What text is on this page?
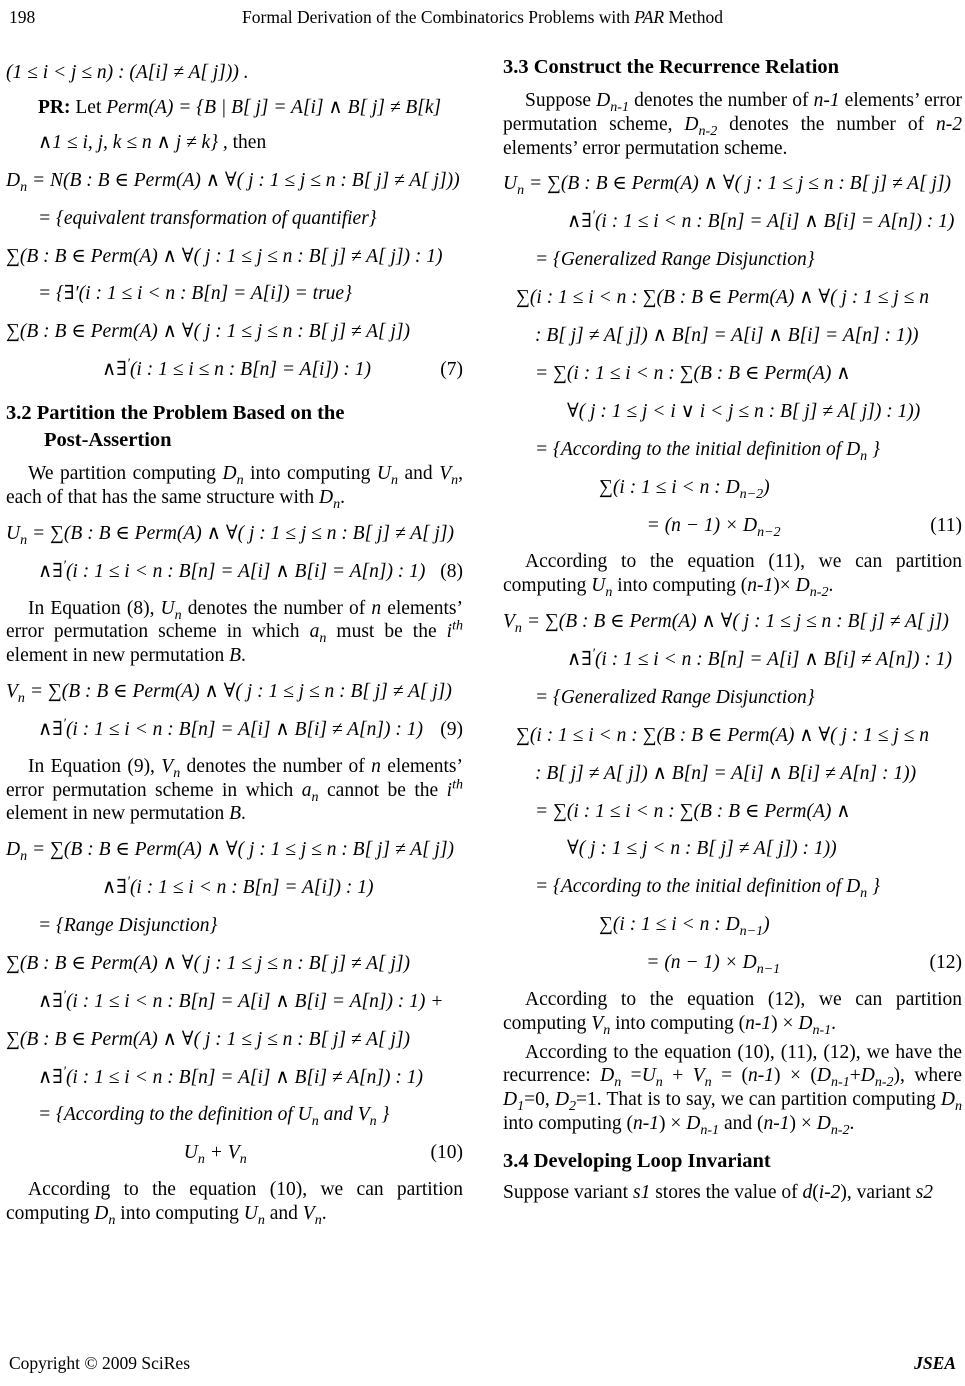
198	Formal Derivation of the Combinatorics Problems with PAR Method
(1 ≤ i < j ≤ n) : (A[i] ≠ A[ j])) .
PR: Let Perm(A) = {B | B[ j] = A[i] ∧ B[ j] ≠ B[k]
∧1 ≤ i, j, k ≤ n ∧ j ≠ k} , then
$D_n = N(B$ : B ∈ Perm(A) ∧ ∀( j : 1 ≤ j ≤ n : B[ j] ≠ A[ j]))
= {equivalent transformation of quantifier}
∑(B : B ∈ Perm(A) ∧ ∀( j : 1 ≤ j ≤ n : B[ j] ≠ A[ j]) : 1)
= {∃′(i : 1 ≤ i < n : B[n] = A[i]) = true}
∑(B : B ∈ Perm(A) ∧ ∀( j : 1 ≤ j ≤ n : B[ j] ≠ A[ j])
∧∃′(i : 1 ≤ i ≤ n : B[n] = A[i]) : 1)	(7)
3.2 Partition the Problem Based on the
Post-Assertion
We partition computing $D_n$ into computing $U_n$ and $V_n$, each of that has the same structure with $D_n$.
$U_n = \sum(B$ : B ∈ Perm(A) ∧ ∀( j : 1 ≤ j ≤ n : B[ j] ≠ A[ j])
∧∃′(i : 1 ≤ i < n : B[n] = A[i] ∧ B[i] = A[n]) : 1) (8)
In Equation (8), $U_n$ denotes the number of n elements’ error permutation scheme in which $a_n$ must be the $i^{th}$ element in new permutation B.
$V_n = \sum(B$ : B ∈ Perm(A) ∧ ∀( j : 1 ≤ j ≤ n : B[ j] ≠ A[ j])
∧∃′(i : 1 ≤ i < n : B[n] = A[i] ∧ B[i] ≠ A[n]) : 1) (9)
In Equation (9), $V_n$ denotes the number of n elements’ error permutation scheme in which $a_n$ cannot be the $i^{th}$ element in new permutation B.
$D_n = \sum(B$ : B ∈ Perm(A) ∧ ∀( j : 1 ≤ j ≤ n : B[ j] ≠ A[ j])
∧∃′(i : 1 ≤ i < n : B[n] = A[i]) : 1)
= {Range Disjunction}
∑(B : B ∈ Perm(A) ∧ ∀( j : 1 ≤ j ≤ n : B[ j] ≠ A[ j])
∧∃′(i : 1 ≤ i < n : B[n] = A[i] ∧ B[i] = A[n]) : 1) +
∑(B : B ∈ Perm(A) ∧ ∀( j : 1 ≤ j ≤ n : B[ j] ≠ A[ j])
∧∃′(i : 1 ≤ i < n : B[n] = A[i] ∧ B[i] ≠ A[n]) : 1)
= {According to the definition of $U_n$ and $V_n$ }
$U_n + V_n$	(10)
According to the equation (10), we can partition computing $D_n$ into computing $U_n$ and $V_n$.
3.3 Construct the Recurrence Relation
Suppose $D_{n-1}$ denotes the number of n-1 elements’ error permutation scheme, $D_{n-2}$ denotes the number of n-2 elements’ error permutation scheme.
$U_n = \sum(B$ : B ∈ Perm(A) ∧ ∀( j : 1 ≤ j ≤ n : B[ j] ≠ A[ j])
∧∃′(i : 1 ≤ i < n : B[n] = A[i] ∧ B[i] = A[n]) : 1)
= {Generalized Range Disjunction}
∑(i : 1 ≤ i < n : ∑(B : B ∈ Perm(A) ∧ ∀( j : 1 ≤ j ≤ n
: B[ j] ≠ A[ j]) ∧ B[n] = A[i] ∧ B[i] = A[n] : 1))
= ∑(i : 1 ≤ i < n : ∑(B : B ∈ Perm(A) ∧
∀( j : 1 ≤ j < i ∨ i < j ≤ n : B[ j] ≠ A[ j]) : 1))
= {According to the initial definition of $D_n$ }
∑(i : 1 ≤ i < n : $D_{n-2}$)
= $(n - 1) \times D_{n-2}$	(11)
According to the equation (11), we can partition computing $U_n$ into computing $(n-1)\times D_{n-2}$.
$V_n = \sum(B$ : B ∈ Perm(A) ∧ ∀( j : 1 ≤ j ≤ n : B[ j] ≠ A[ j])
∧∃′(i : 1 ≤ i < n : B[n] = A[i] ∧ B[i] ≠ A[n]) : 1)
= {Generalized Range Disjunction}
∑(i : 1 ≤ i < n : ∑(B : B ∈ Perm(A) ∧ ∀( j : 1 ≤ j ≤ n
: B[ j] ≠ A[ j]) ∧ B[n] = A[i] ∧ B[i] ≠ A[n] : 1))
= ∑(i : 1 ≤ i < n : ∑(B : B ∈ Perm(A) ∧
∀( j : 1 ≤ j < n : B[ j] ≠ A[ j]) : 1))
= {According to the initial definition of $D_n$ }
∑(i : 1 ≤ i < n : $D_{n-1}$)
= $(n - 1) \times D_{n-1}$	(12)
According to the equation (12), we can partition computing $V_n$ into computing $(n-1) \times D_{n-1}$.
According to the equation (10), (11), (12), we have the recurrence: $D_n =U_n + V_n = (n-1) \times (D_{n-1}+D_{n-2})$, where $D_1=0$, $D_2=1$. That is to say, we can partition computing $D_n$ into computing $(n-1) \times D_{n-1}$ and $(n-1) \times D_{n-2}$.
3.4 Developing Loop Invariant
Suppose variant s1 stores the value of d(i-2), variant s2
Copyright © 2009 SciRes	JSEA
